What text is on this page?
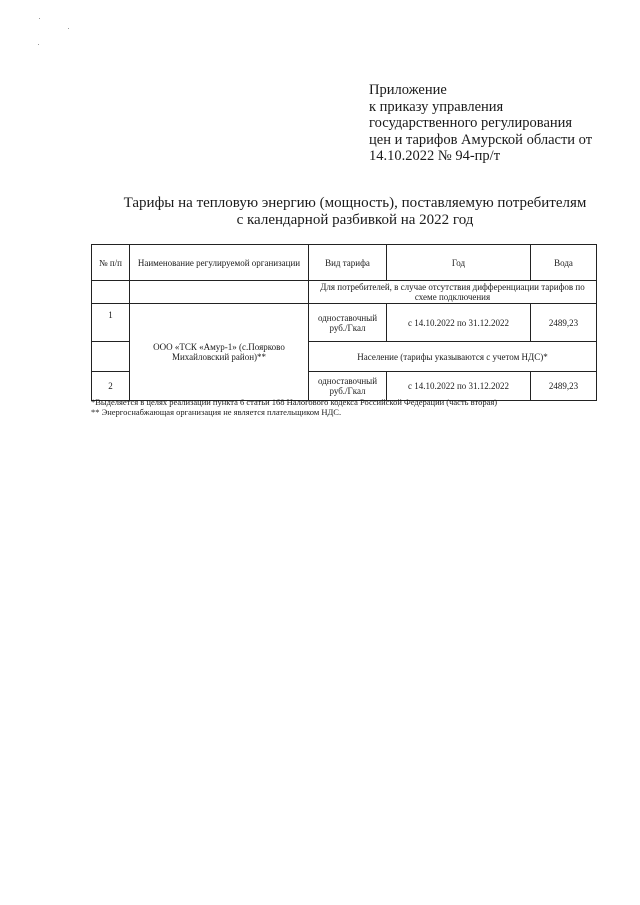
Приложение
к приказу управления
государственного регулирования
цен и тарифов Амурской области от
14.10.2022 № 94-пр/т
Тарифы на тепловую энергию (мощность), поставляемую потребителям
с календарной разбивкой на 2022 год
№ п/п	Наименование регулируемой организации	Вид тарифа	Год	Вода
		Для потребителей, в случае отсутствия дифференциации тарифов по схеме подключения		
1	ООО «ТСК «Амур-1» (с.Поярково Михайловский район)**	одноставочный руб./Гкал	с 14.10.2022 по 31.12.2022	2489,23
		Население (тарифы указываются с учетом НДС)*		
2		одноставочный руб./Гкал	с 14.10.2022 по 31.12.2022	2489,23
*Выделяется в целях реализации пункта 6 статьи 168 Налогового кодекса Российской Федерации (часть вторая)
** Энергоснабжающая организация не является плательщиком НДС.
